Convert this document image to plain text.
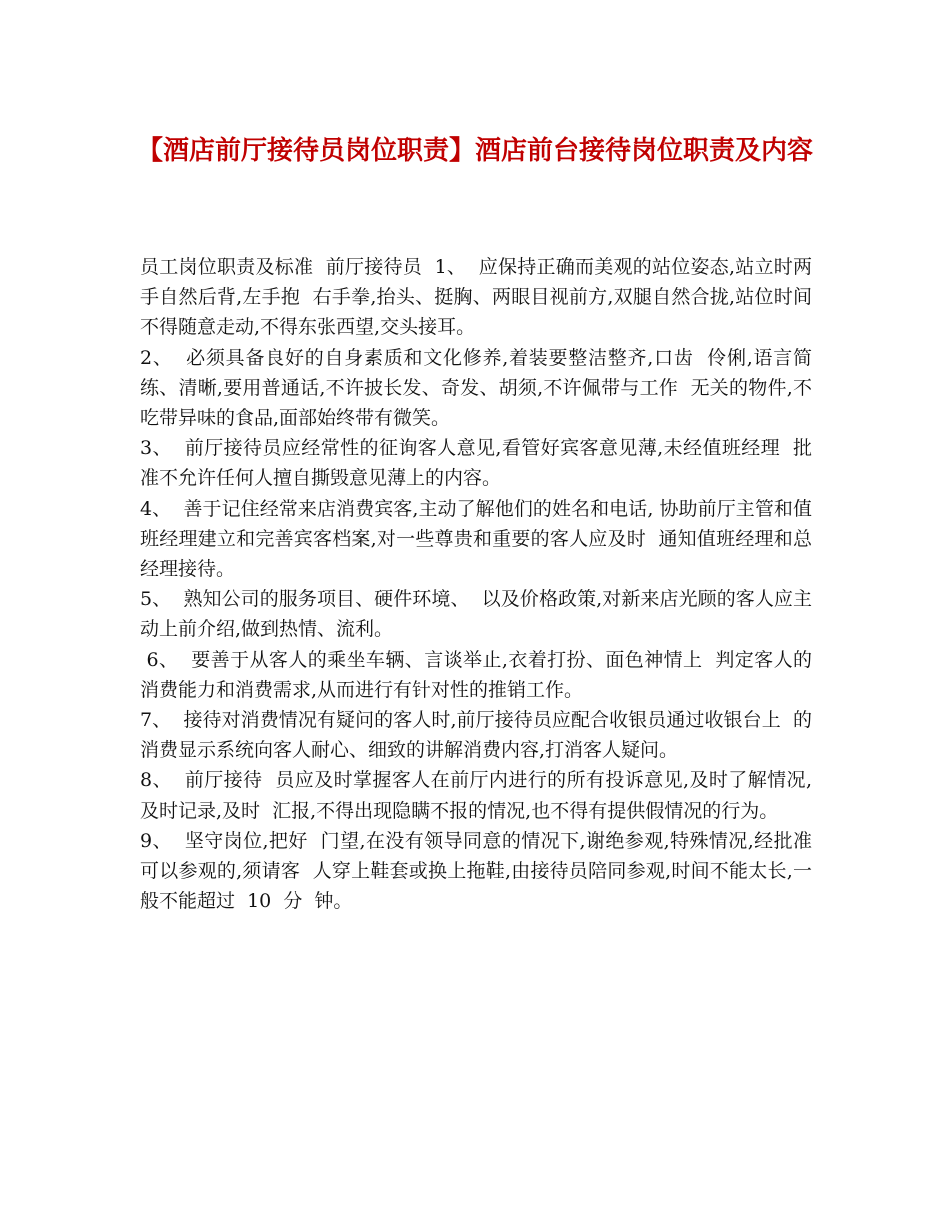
【酒店前厅接待员岗位职责】酒店前台接待岗位职责及内容

员工岗位职责及标准  前厅接待员  1、  应保持正确而美观的站位姿态,站立时两手自然后背,左手抱  右手拳,抬头、挺胸、两眼目视前方,双腿自然合拢,站位时间不得随意走动,不得东张西望,交头接耳。

2、  必须具备良好的自身素质和文化修养,着装要整洁整齐,口齿  伶俐,语言简练、清晰,要用普通话,不许披长发、奇发、胡须,不许佩带与工作  无关的物件,不吃带异味的食品,面部始终带有微笑。

3、  前厅接待员应经常性的征询客人意见,看管好宾客意见薄,未经值班经理  批准不允许任何人擅自撕毁意见薄上的内容。

4、  善于记住经常来店消费宾客,主动了解他们的姓名和电话, 协助前厅主管和值班经理建立和完善宾客档案,对一些尊贵和重要的客人应及时  通知值班经理和总经理接待。

5、  熟知公司的服务项目、硬件环境、  以及价格政策,对新来店光顾的客人应主动上前介绍,做到热情、流利。

6、  要善于从客人的乘坐车辆、言谈举止,衣着打扮、面色神情上  判定客人的消费能力和消费需求,从而进行有针对性的推销工作。

7、  接待对消费情况有疑问的客人时,前厅接待员应配合收银员通过收银台上  的消费显示系统向客人耐心、细致的讲解消费内容,打消客人疑问。

8、  前厅接待  员应及时掌握客人在前厅内进行的所有投诉意见,及时了解情况,及时记录,及时  汇报,不得出现隐瞒不报的情况,也不得有提供假情况的行为。

9、  坚守岗位,把好  门望,在没有领导同意的情况下,谢绝参观,特殊情况,经批准可以参观的,须请客  人穿上鞋套或换上拖鞋,由接待员陪同参观,时间不能太长,一般不能超过  10  分  钟。
